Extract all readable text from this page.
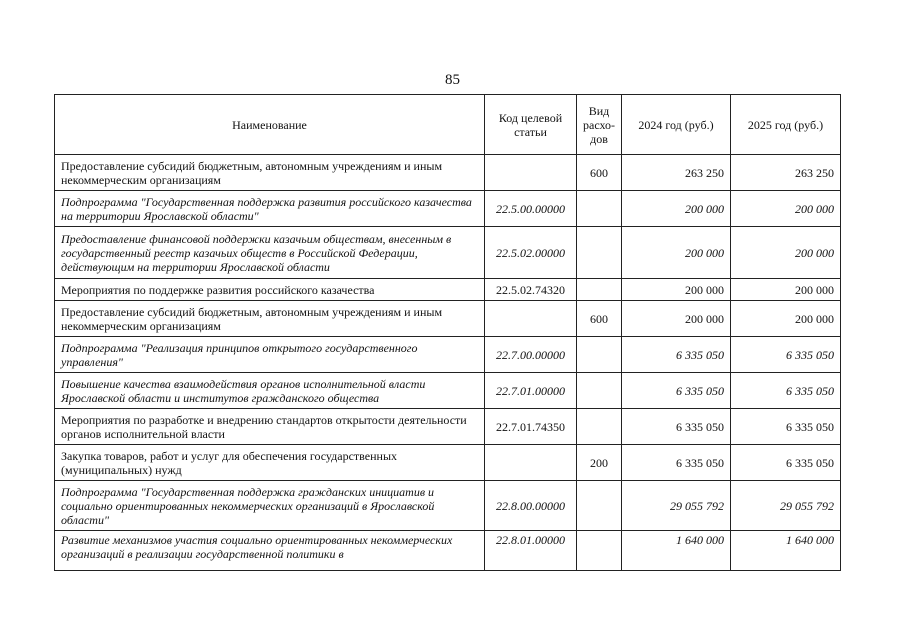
85
Наименование	Код целевой статьи	Вид расхо-дов	2024 год (руб.)	2025 год (руб.)
Предоставление субсидий бюджетным, автономным учреждениям и иным некоммерческим организациям		600	263 250	263 250
Подпрограмма "Государственная поддержка развития российского казачества на территории Ярославской области"	22.5.00.00000		200 000	200 000
Предоставление финансовой поддержки казачьим обществам, внесенным в государственный реестр казачьих обществ в Российской Федерации, действующим на территории Ярославской области	22.5.02.00000		200 000	200 000
Мероприятия по поддержке развития российского казачества	22.5.02.74320		200 000	200 000
Предоставление субсидий бюджетным, автономным учреждениям и иным некоммерческим организациям		600	200 000	200 000
Подпрограмма "Реализация принципов открытого государственного управления"	22.7.00.00000		6 335 050	6 335 050
Повышение качества взаимодействия органов исполнительной власти Ярославской области и институтов гражданского общества	22.7.01.00000		6 335 050	6 335 050
Мероприятия по разработке и внедрению стандартов открытости деятельности органов исполнительной власти	22.7.01.74350		6 335 050	6 335 050
Закупка товаров, работ и услуг для обеспечения государственных (муниципальных) нужд		200	6 335 050	6 335 050
Подпрограмма "Государственная поддержка гражданских инициатив и социально ориентированных некоммерческих организаций в Ярославской области"	22.8.00.00000		29 055 792	29 055 792
Развитие механизмов участия социально ориентированных некоммерческих организаций в реализации государственной политики в	22.8.01.00000		1 640 000	1 640 000
